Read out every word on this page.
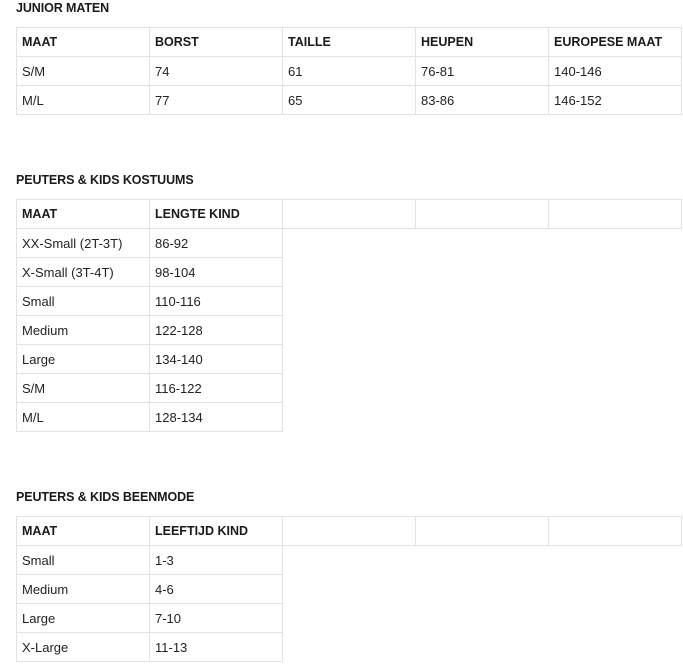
JUNIOR MATEN
MAAT	BORST	TAILLE	HEUPEN	EUROPESE MAAT
S/M	74	61	76-81	140-146
M/L	77	65	83-86	146-152
PEUTERS & KIDS KOSTUUMS
MAAT	LENGTE KIND			
XX-Small (2T-3T)	86-92			
X-Small (3T-4T)	98-104			
Small	110-116			
Medium	122-128			
Large	134-140			
S/M	116-122			
M/L	128-134			
PEUTERS & KIDS BEENMODE
MAAT	LEEFTIJD KIND			
Small	1-3			
Medium	4-6			
Large	7-10			
X-Large	11-13			
